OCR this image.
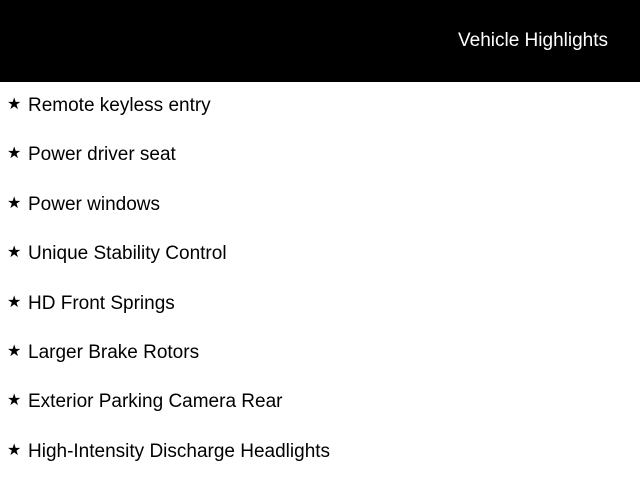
Vehicle Highlights
★ Remote keyless entry
★ Power driver seat
★ Power windows
★ Unique Stability Control
★ HD Front Springs
★ Larger Brake Rotors
★ Exterior Parking Camera Rear
★ High-Intensity Discharge Headlights
